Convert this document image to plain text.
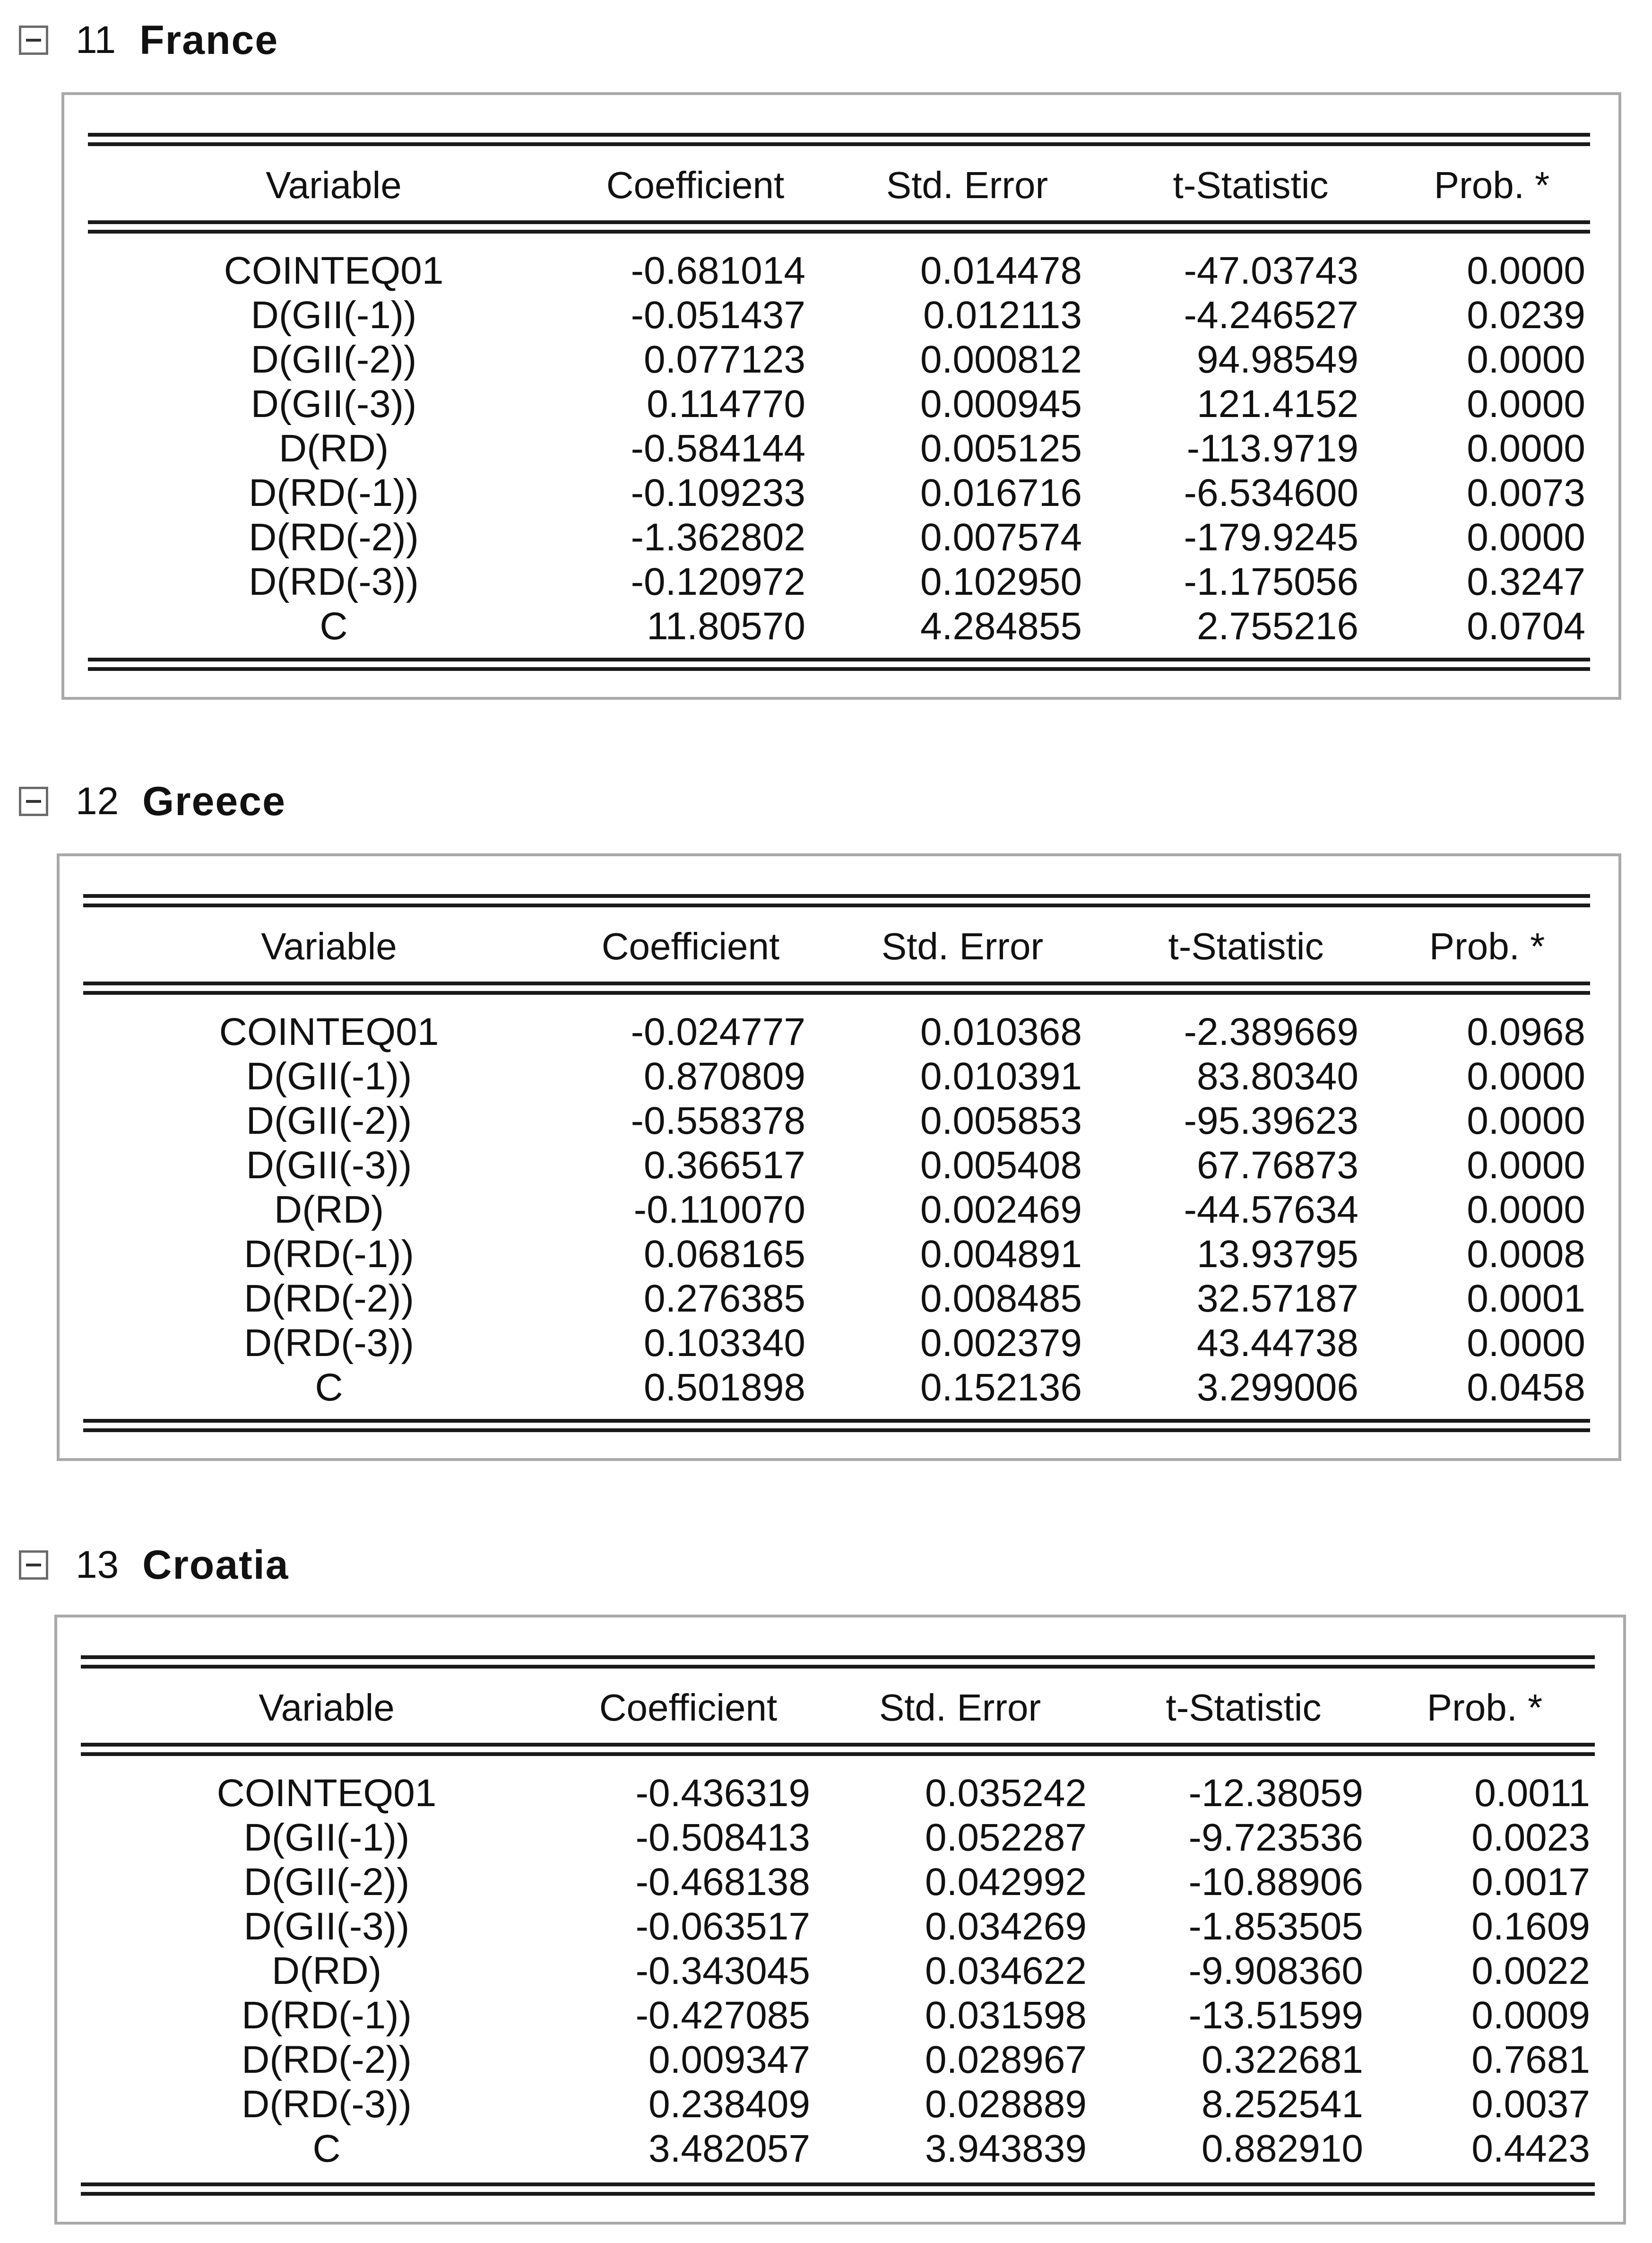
11 France
Variable	Coefficient	Std. Error	t-Statistic	Prob. *
COINTEQ01	-0.681014	0.014478	-47.03743	0.0000
D(GII(-1))	-0.051437	0.012113	-4.246527	0.0239
D(GII(-2))	0.077123	0.000812	94.98549	0.0000
D(GII(-3))	0.114770	0.000945	121.4152	0.0000
D(RD)	-0.584144	0.005125	-113.9719	0.0000
D(RD(-1))	-0.109233	0.016716	-6.534600	0.0073
D(RD(-2))	-1.362802	0.007574	-179.9245	0.0000
D(RD(-3))	-0.120972	0.102950	-1.175056	0.3247
C	11.80570	4.284855	2.755216	0.0704
12 Greece
Variable	Coefficient	Std. Error	t-Statistic	Prob. *
COINTEQ01	-0.024777	0.010368	-2.389669	0.0968
D(GII(-1))	0.870809	0.010391	83.80340	0.0000
D(GII(-2))	-0.558378	0.005853	-95.39623	0.0000
D(GII(-3))	0.366517	0.005408	67.76873	0.0000
D(RD)	-0.110070	0.002469	-44.57634	0.0000
D(RD(-1))	0.068165	0.004891	13.93795	0.0008
D(RD(-2))	0.276385	0.008485	32.57187	0.0001
D(RD(-3))	0.103340	0.002379	43.44738	0.0000
C	0.501898	0.152136	3.299006	0.0458
13 Croatia
Variable	Coefficient	Std. Error	t-Statistic	Prob. *
COINTEQ01	-0.436319	0.035242	-12.38059	0.0011
D(GII(-1))	-0.508413	0.052287	-9.723536	0.0023
D(GII(-2))	-0.468138	0.042992	-10.88906	0.0017
D(GII(-3))	-0.063517	0.034269	-1.853505	0.1609
D(RD)	-0.343045	0.034622	-9.908360	0.0022
D(RD(-1))	-0.427085	0.031598	-13.51599	0.0009
D(RD(-2))	0.009347	0.028967	0.322681	0.7681
D(RD(-3))	0.238409	0.028889	8.252541	0.0037
C	3.482057	3.943839	0.882910	0.4423
